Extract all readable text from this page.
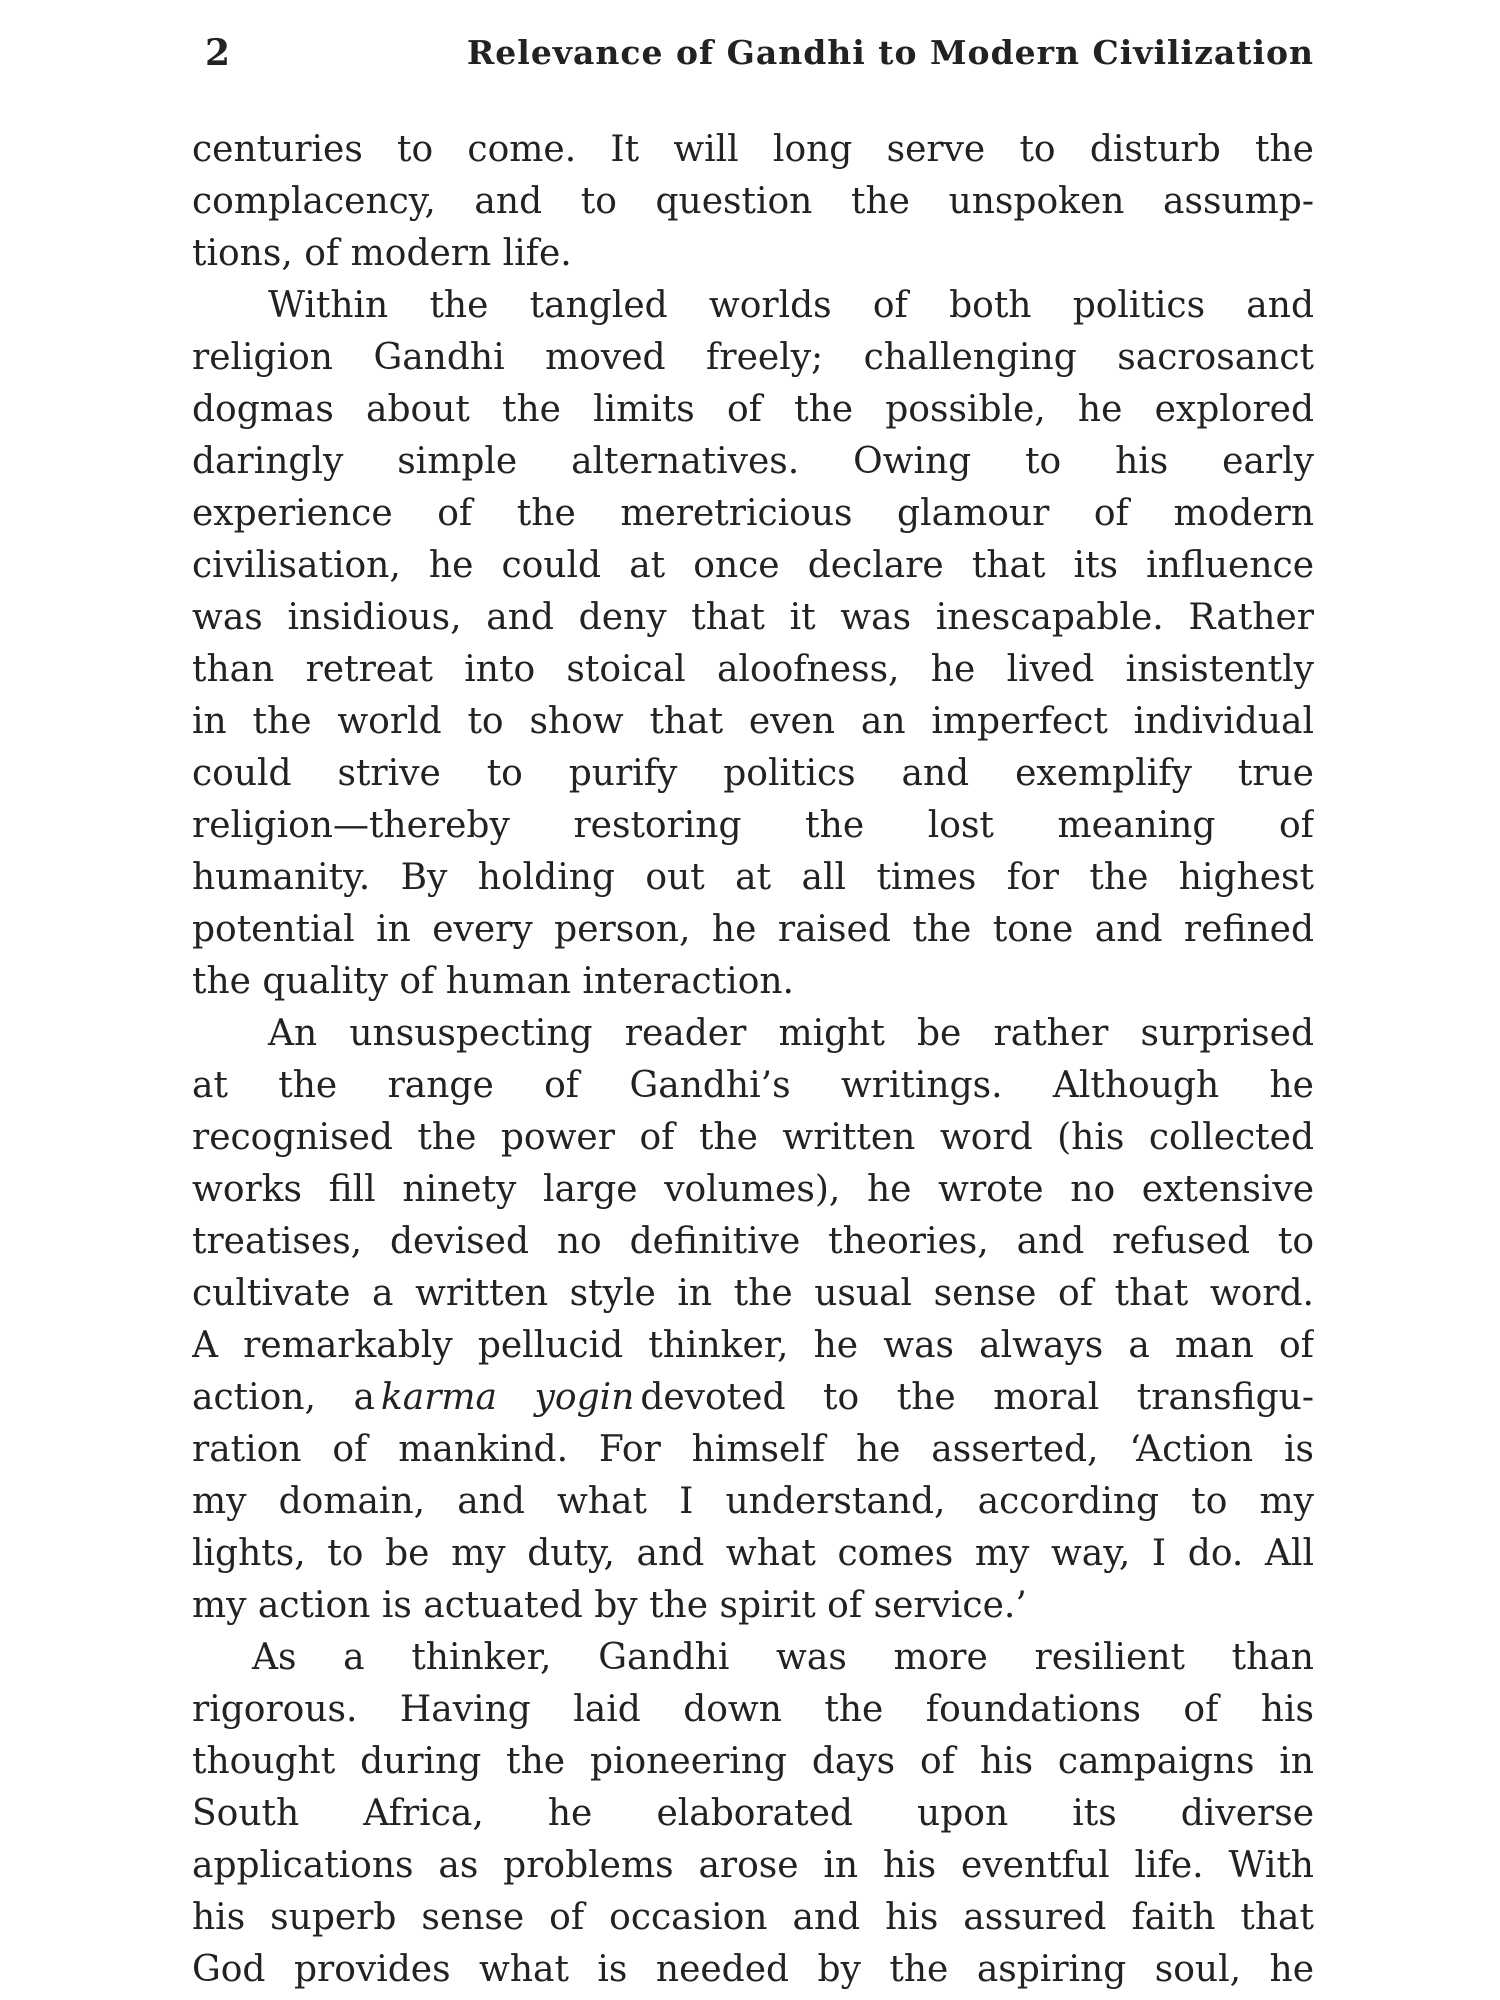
2	Relevance of Gandhi to Modern Civilization
centuries to come. It will long serve to disturb the
complacency, and to question the unspoken assump-
tions, of modern life.
Within the tangled worlds of both politics and
religion Gandhi moved freely; challenging sacrosanct
dogmas about the limits of the possible, he explored
daringly simple alternatives. Owing to his early
experience of the meretricious glamour of modern
civilisation, he could at once declare that its influence
was insidious, and deny that it was inescapable. Rather
than retreat into stoical aloofness, he lived insistently
in the world to show that even an imperfect individual
could strive to purify politics and exemplify true
religion—thereby restoring the lost meaning of
humanity. By holding out at all times for the highest
potential in every person, he raised the tone and refined
the quality of human interaction.
An unsuspecting reader might be rather surprised
at the range of Gandhi’s writings. Although he
recognised the power of the written word (his collected
works fill ninety large volumes), he wrote no extensive
treatises, devised no definitive theories, and refused to
cultivate a written style in the usual sense of that word.
A remarkably pellucid thinker, he was always a man of
action, a karma yogin devoted to the moral transfigu-
ration of mankind. For himself he asserted, ‘Action is
my domain, and what I understand, according to my
lights, to be my duty, and what comes my way, I do. All
my action is actuated by the spirit of service.’
As a thinker, Gandhi was more resilient than
rigorous. Having laid down the foundations of his
thought during the pioneering days of his campaigns in
South Africa, he elaborated upon its diverse
applications as problems arose in his eventful life. With
his superb sense of occasion and his assured faith that
God provides what is needed by the aspiring soul, he
